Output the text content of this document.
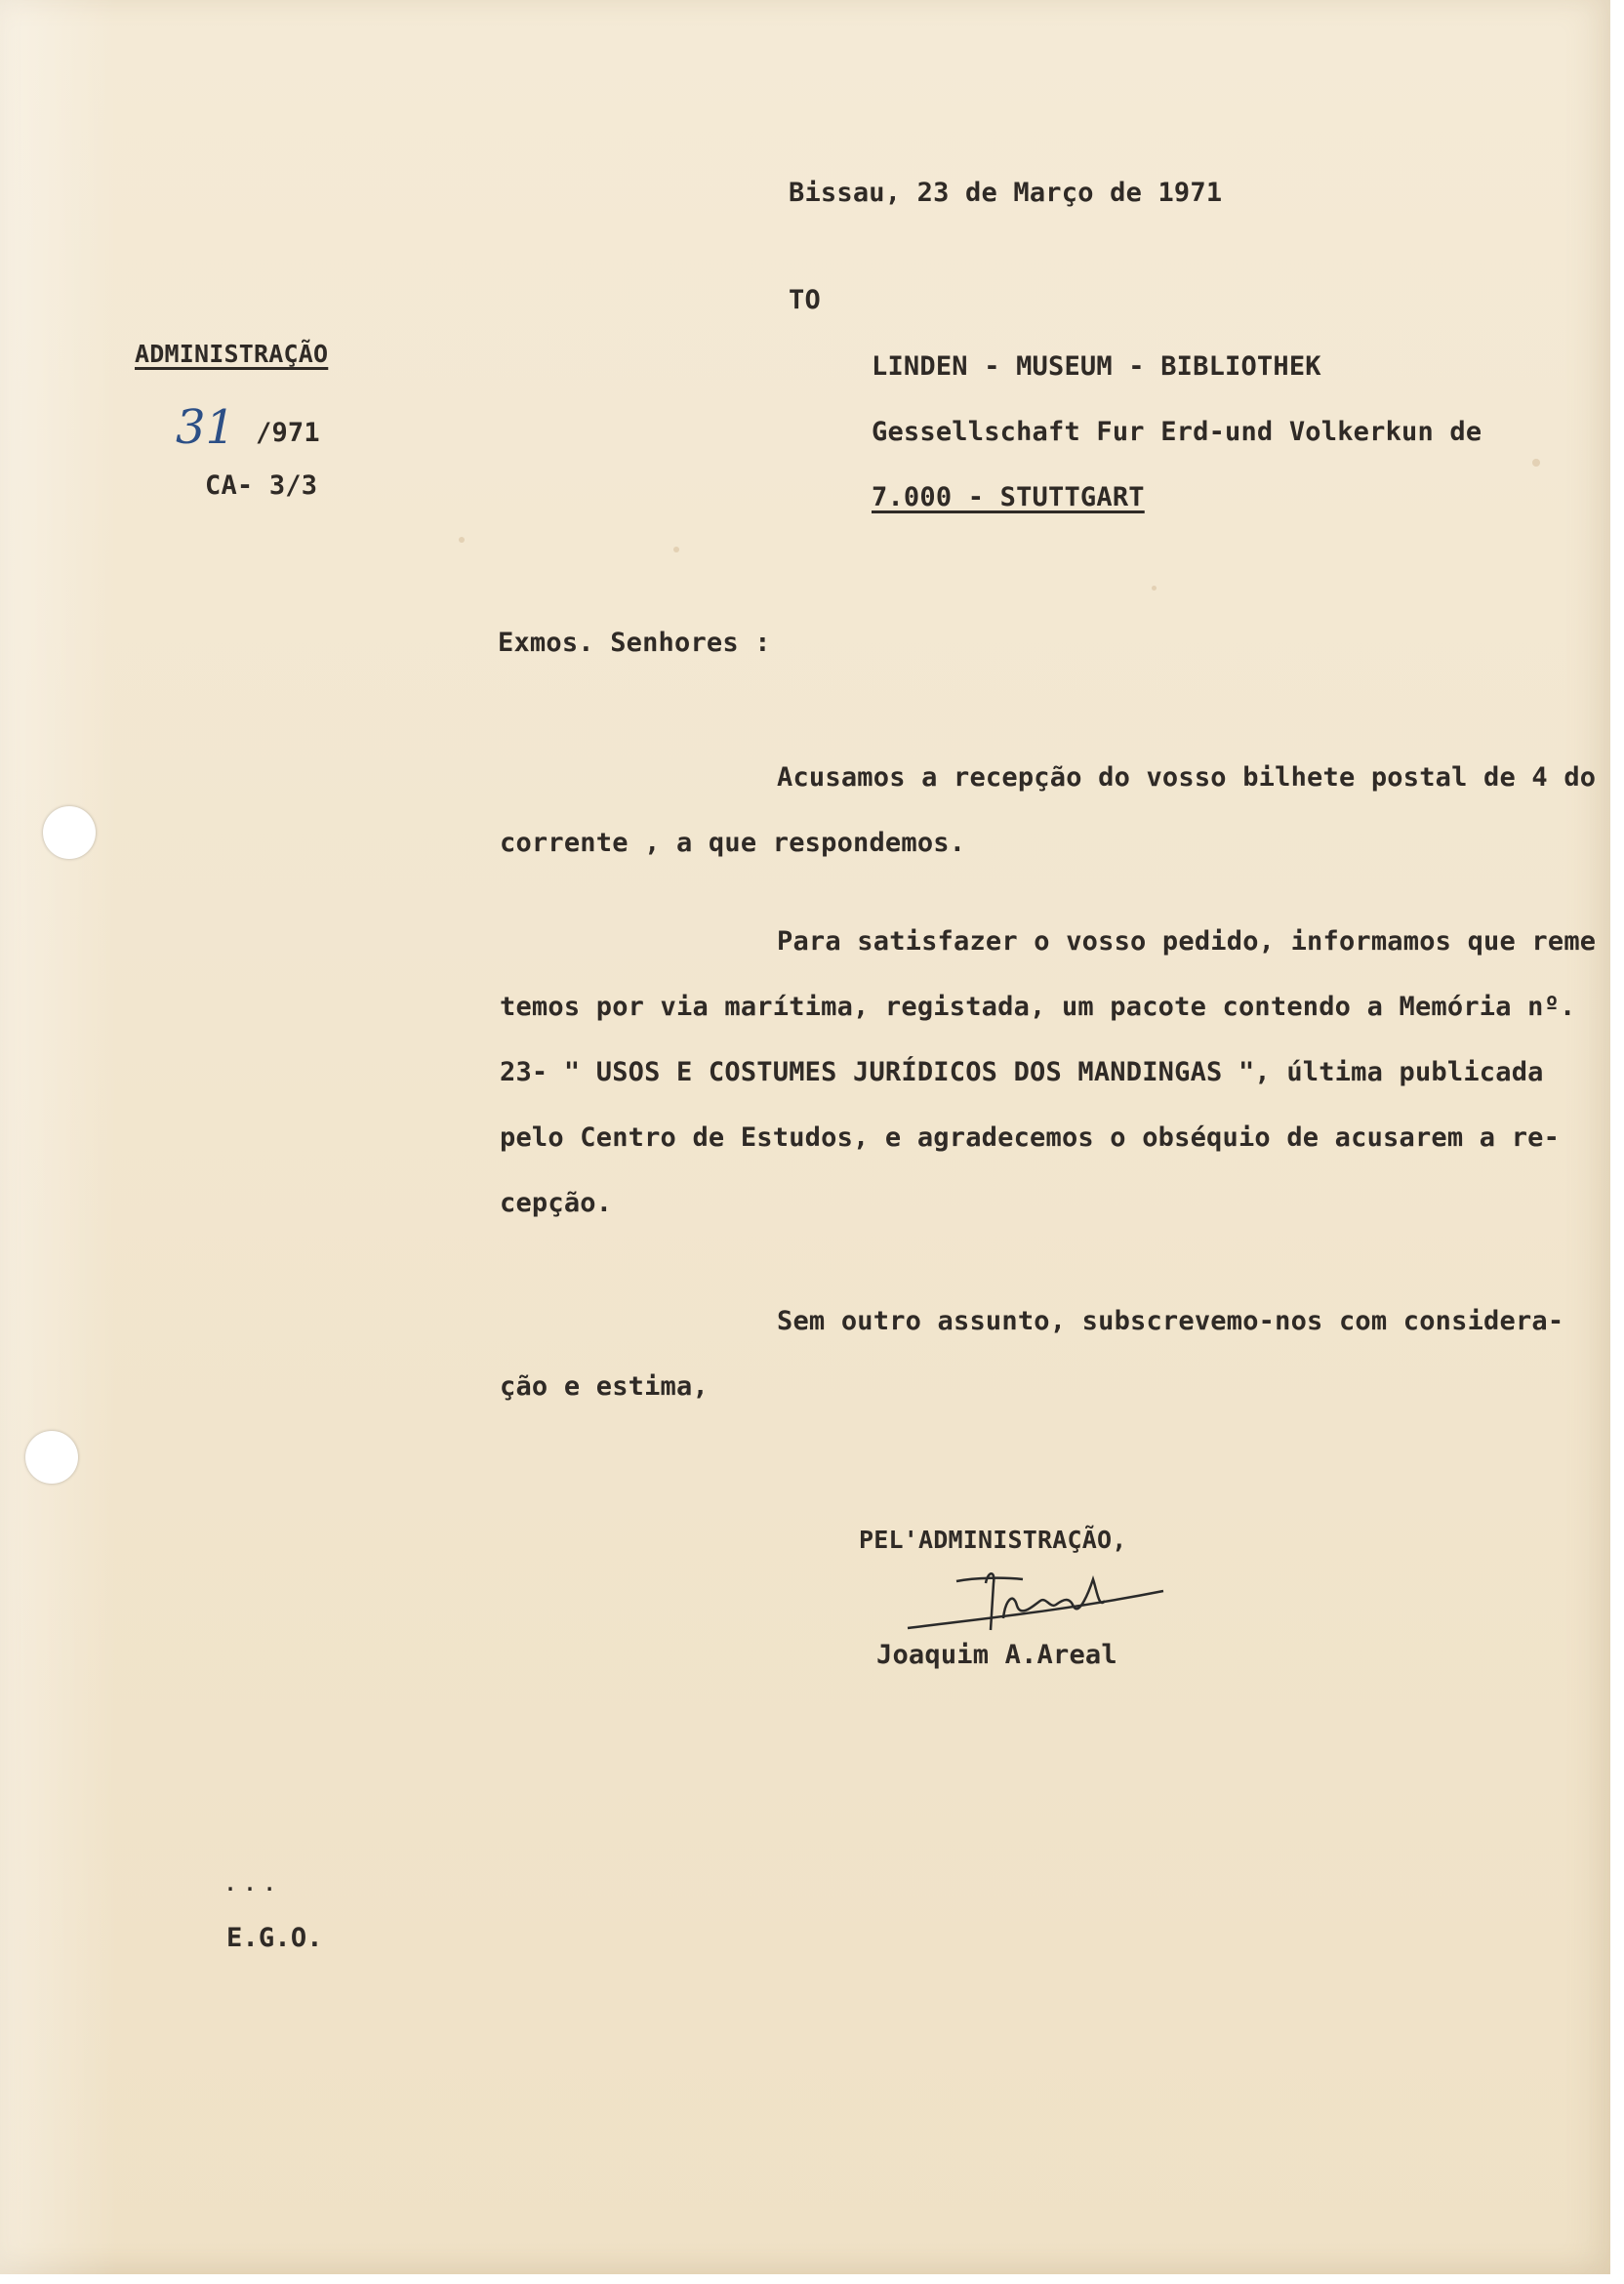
Bissau, 23 de Março de 1971
TO
LINDEN - MUSEUM - BIBLIOTHEK
Gessellschaft Fur Erd-und Volkerkun de
7.000 - STUTTGART
ADMINISTRAÇÃO
31 /971
CA- 3/3
Exmos. Senhores :
Acusamos a recepção do vosso bilhete postal de 4 do
corrente , a que respondemos.
Para satisfazer o vosso pedido, informamos que reme
temos por via marítima, registada, um pacote contendo a Memória nº.
23- " USOS E COSTUMES JURÍDICOS DOS MANDINGAS ", última publicada
pelo Centro de Estudos, e agradecemos o obséquio de acusarem a re-
cepção.
Sem outro assunto, subscrevemo-nos com considera-
ção e estima,
PEL'ADMINISTRAÇÃO,
Joaquim A.Areal
...
E.G.O.
